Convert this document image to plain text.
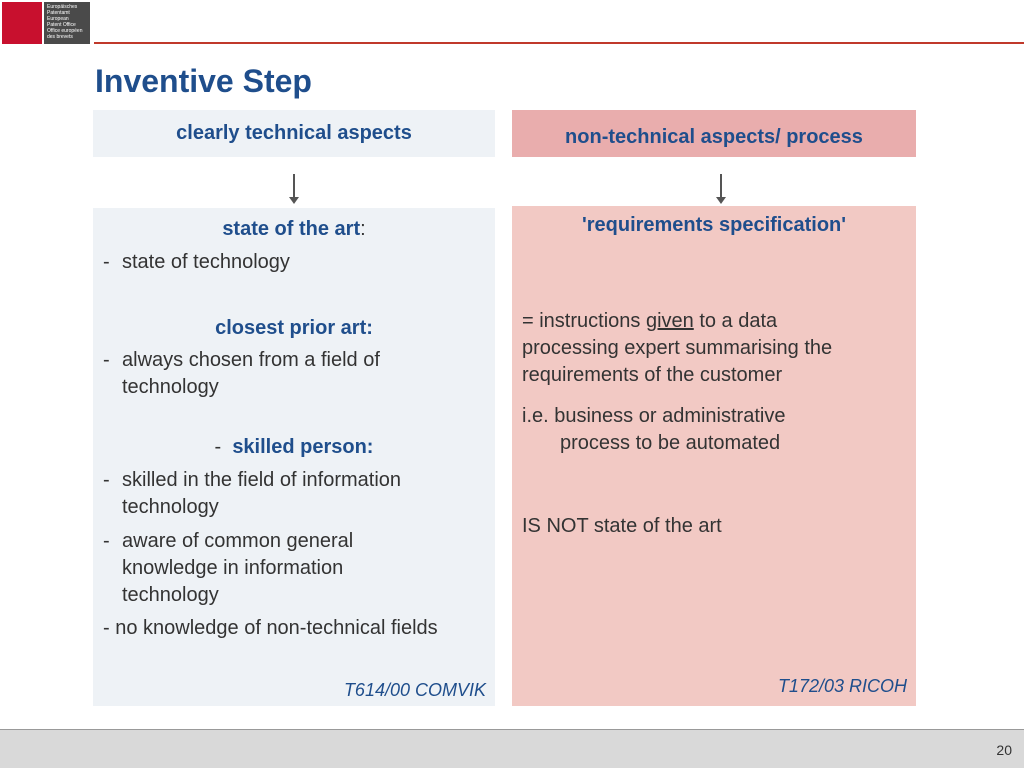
Europäisches
Patentamt
European
Patent Office
Office européen
des brevets
Inventive Step
clearly technical aspects	non-technical aspects/ process
state of the art:
- state of technology
closest prior art:
- always chosen from a field of
technology
- skilled person:
- skilled in the field of information
technology
- aware of common general
knowledge in information
technology
- no knowledge of non-technical fields
T614/00 COMVIK
'requirements specification'
= instructions given to a data
processing expert summarising the
requirements of the customer
i.e. business or administrative
process to be automated
IS NOT state of the art
T172/03 RICOH
20
